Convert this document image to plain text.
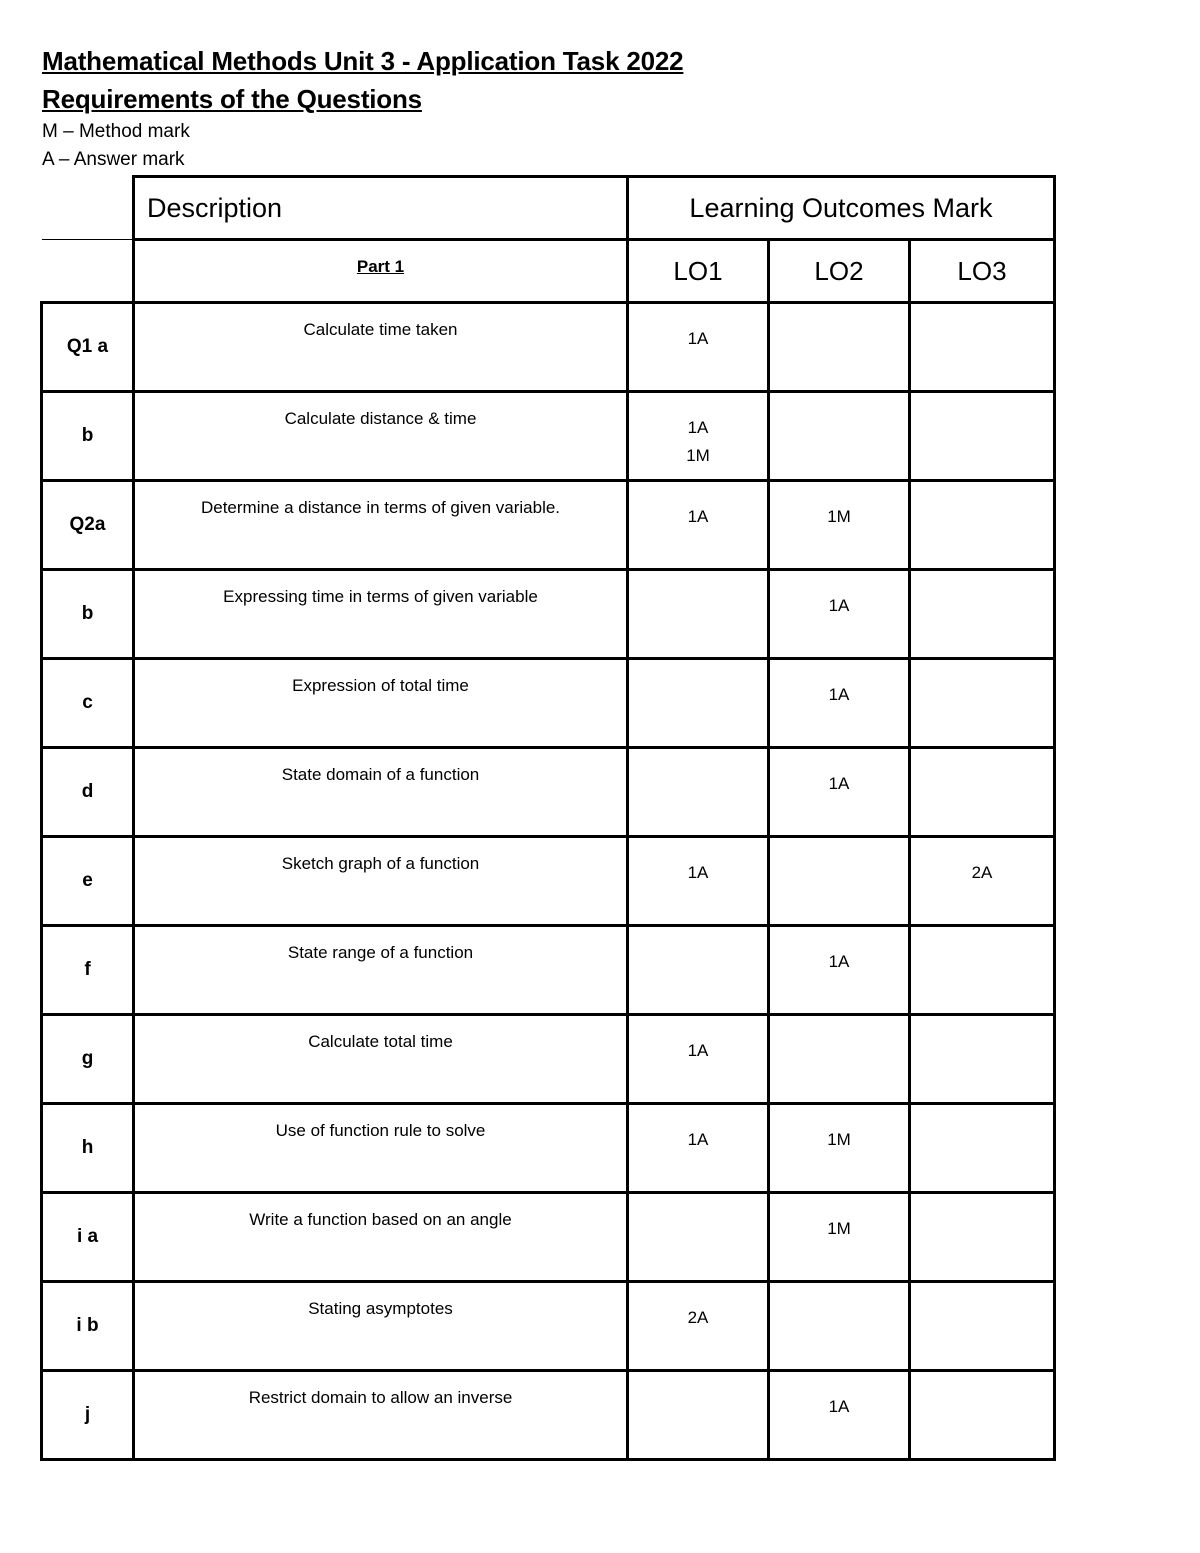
Mathematical Methods Unit 3 - Application Task 2022
Requirements of the Questions
M – Method mark
A – Answer mark
	Description	Learning Outcomes Mark		
	Part 1	LO1	LO2	LO3

Q1 a	Calculate time taken	1A		

b	Calculate distance & time	1A
1M		

Q2a	Determine a distance in terms of given variable.	1A	1M	

b	Expressing time in terms of given variable		1A	

c	Expression of total time		1A	

d	State domain of a function		1A	

e	Sketch graph of a function	1A		2A

f	State range of a function		1A	

g	Calculate total time	1A		

h	Use of function rule to solve	1A	1M	

i a	Write a function based on an angle		1M	

i b	Stating asymptotes	2A		

j	Restrict domain to allow an inverse		1A	
